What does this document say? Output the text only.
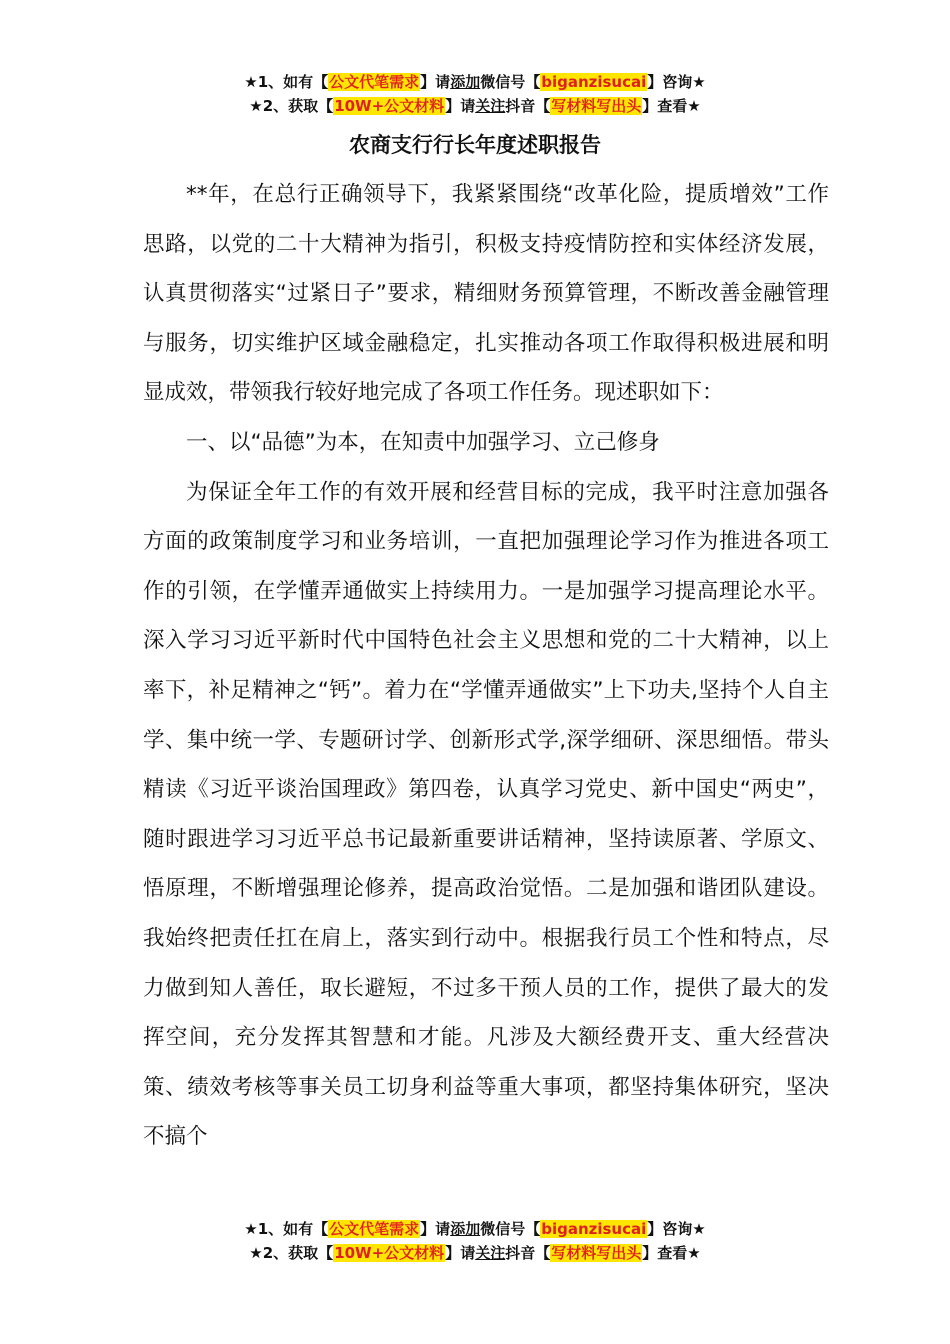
★1、如有【公文代笔需求】请添加微信号【biganzisucai】咨询★
★2、获取【10W+公文材料】请关注抖音【写材料写出头】查看★
农商支行行长年度述职报告

**年，在总行正确领导下，我紧紧围绕“改革化险，提质增效”工作思路，以党的二十大精神为指引，积极支持疫情防控和实体经济发展，认真贯彻落实“过紧日子”要求，精细财务预算管理，不断改善金融管理与服务，切实维护区域金融稳定，扎实推动各项工作取得积极进展和明显成效，带领我行较好地完成了各项工作任务。现述职如下：

一、以“品德”为本，在知责中加强学习、立己修身

为保证全年工作的有效开展和经营目标的完成，我平时注意加强各方面的政策制度学习和业务培训，一直把加强理论学习作为推进各项工作的引领，在学懂弄通做实上持续用力。一是加强学习提高理论水平。深入学习习近平新时代中国特色社会主义思想和党的二十大精神，以上率下，补足精神之“钙”。着力在“学懂弄通做实”上下功夫,坚持个人自主学、集中统一学、专题研讨学、创新形式学,深学细研、深思细悟。带头精读《习近平谈治国理政》第四卷，认真学习党史、新中国史“两史”，随时跟进学习习近平总书记最新重要讲话精神，坚持读原著、学原文、悟原理，不断增强理论修养，提高政治觉悟。二是加强和谐团队建设。我始终把责任扛在肩上，落实到行动中。根据我行员工个性和特点，尽力做到知人善任，取长避短，不过多干预人员的工作，提供了最大的发挥空间，充分发挥其智慧和才能。凡涉及大额经费开支、重大经营决策、绩效考核等事关员工切身利益等重大事项，都坚持集体研究，坚决不搞个

★1、如有【公文代笔需求】请添加微信号【biganzisucai】咨询★
★2、获取【10W+公文材料】请关注抖音【写材料写出头】查看★
